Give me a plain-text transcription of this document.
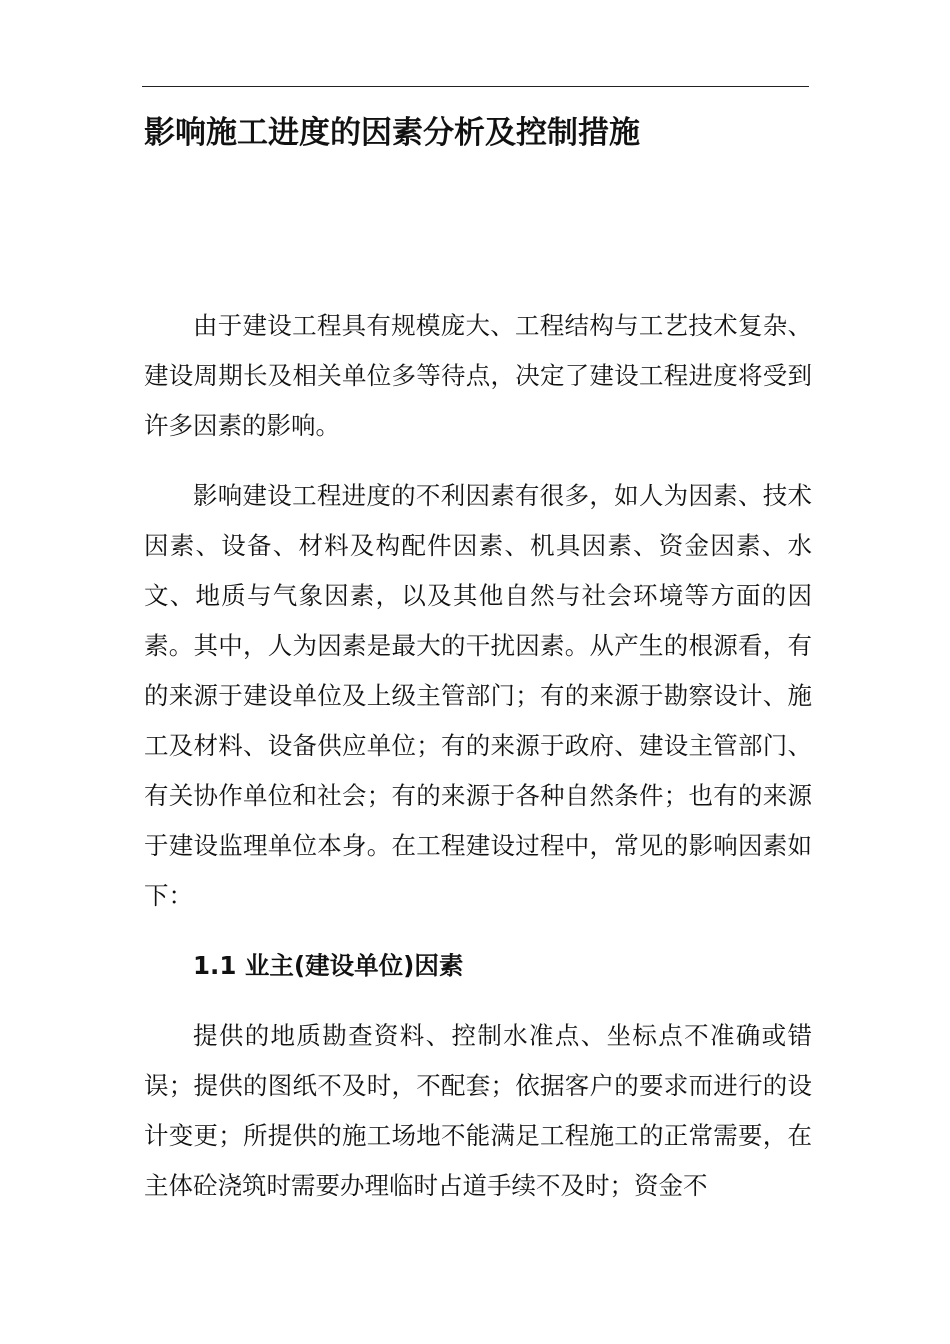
影响施工进度的因素分析及控制措施

由于建设工程具有规模庞大、工程结构与工艺技术复杂、建设周期长及相关单位多等待点，决定了建设工程进度将受到许多因素的影响。

影响建设工程进度的不利因素有很多，如人为因素、技术因素、设备、材料及构配件因素、机具因素、资金因素、水文、地质与气象因素，以及其他自然与社会环境等方面的因素。其中，人为因素是最大的干扰因素。从产生的根源看，有的来源于建设单位及上级主管部门；有的来源于勘察设计、施工及材料、设备供应单位；有的来源于政府、建设主管部门、有关协作单位和社会；有的来源于各种自然条件；也有的来源于建设监理单位本身。在工程建设过程中，常见的影响因素如下：

1.1 业主(建设单位)因素

提供的地质勘查资料、控制水准点、坐标点不准确或错误；提供的图纸不及时，不配套；依据客户的要求而进行的设计变更；所提供的施工场地不能满足工程施工的正常需要，在主体砼浇筑时需要办理临时占道手续不及时；资金不
